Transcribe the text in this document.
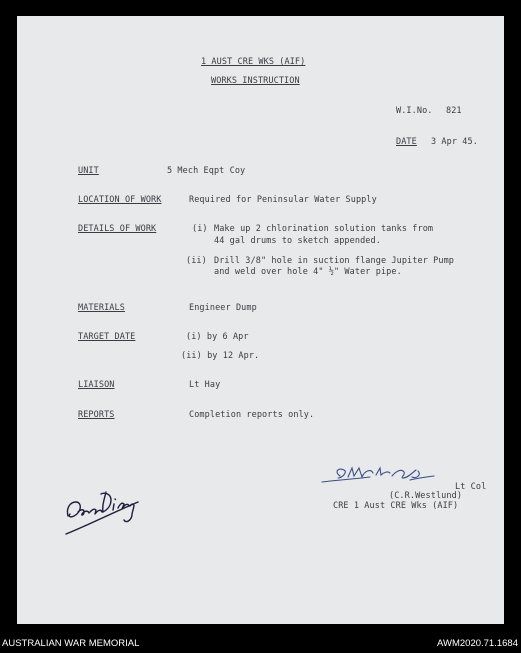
1 AUST CRE WKS (AIF)
WORKS INSTRUCTION
W.I.No. 821
DATE 3 Apr 45.
UNIT	5 Mech Eqpt Coy
LOCATION OF WORK	Required for Peninsular Water Supply
DETAILS OF WORK	(i) Make up 2 chlorination solution tanks from
44 gal drums to sketch appended.
(ii) Drill 3/8" hole in suction flange Jupiter Pump
and weld over hole 4" ½" Water pipe.
MATERIALS	Engineer Dump
TARGET DATE	(i) by 6 Apr
(ii) by 12 Apr.
LIAISON	Lt Hay
REPORTS	Completion reports only.
Lt Col
(C.R.Westlund)
CRE 1 Aust CRE Wks (AIF)
AUSTRALIAN WAR MEMORIAL	AWM2020.71.1684
